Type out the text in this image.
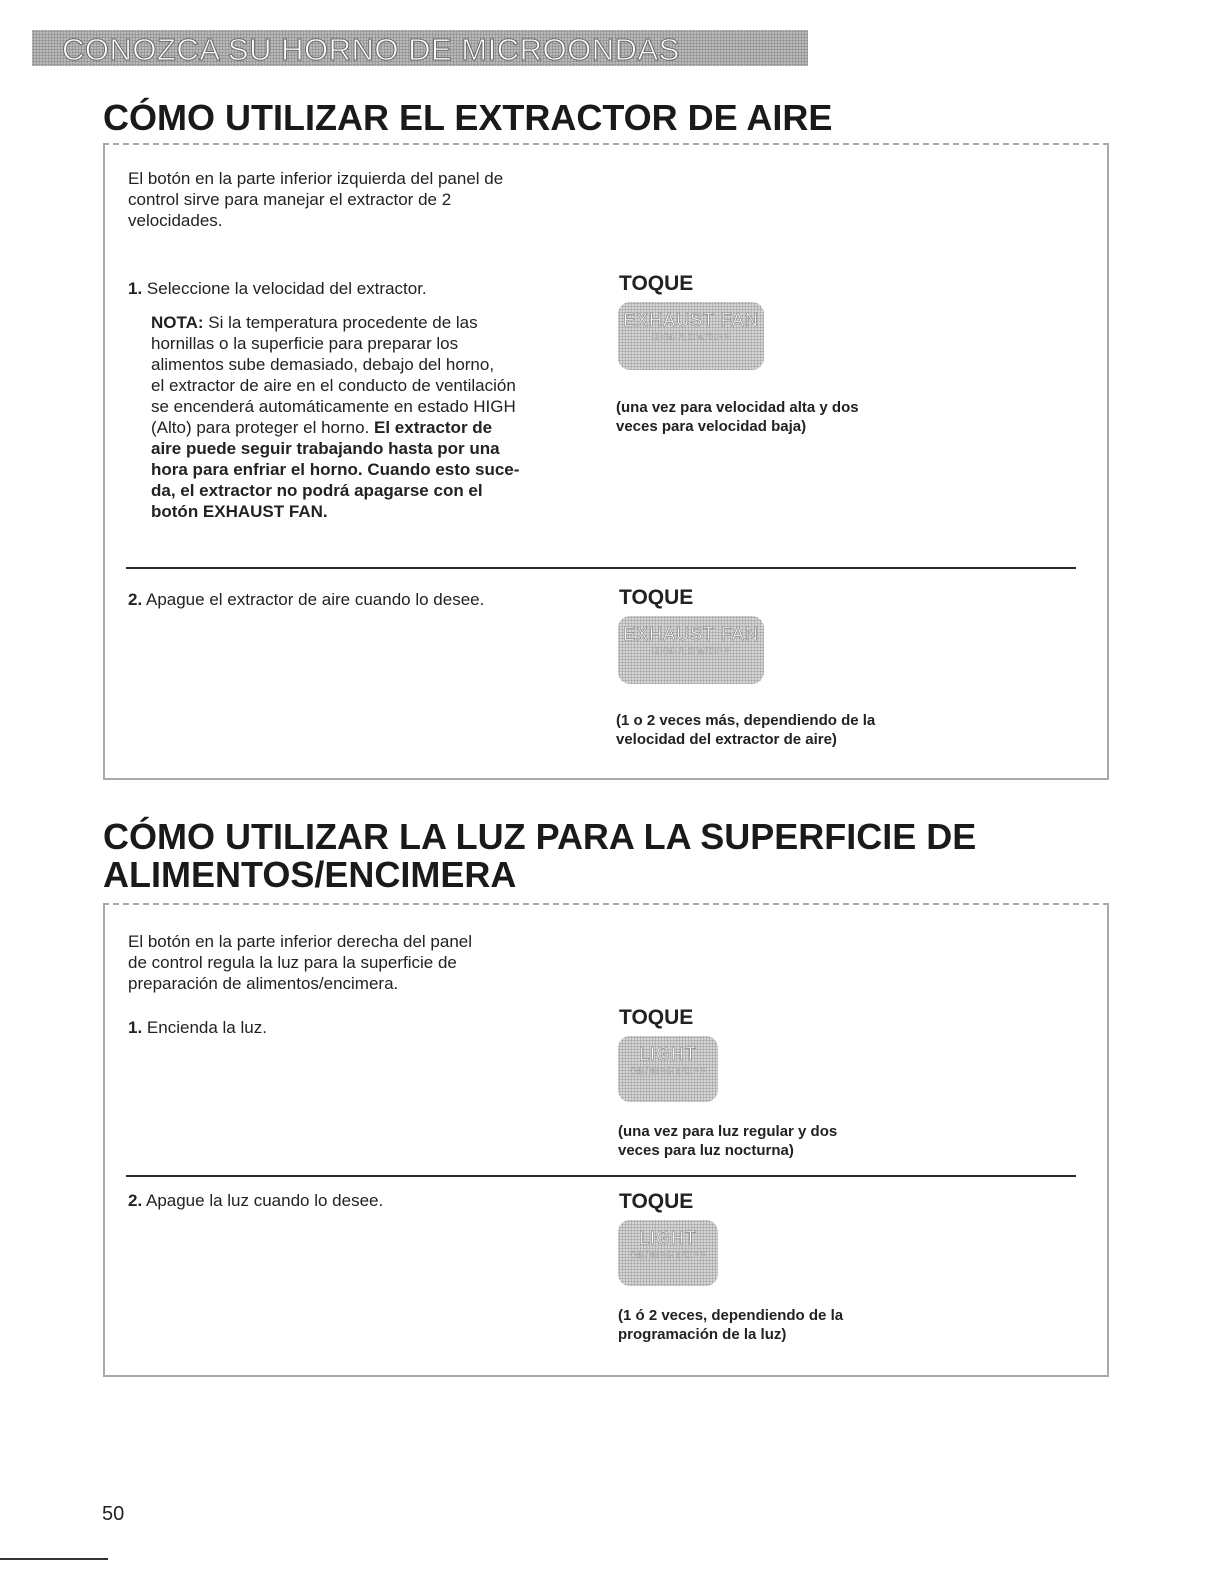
CONOZCA SU HORNO DE MICROONDAS
CÓMO UTILIZAR EL EXTRACTOR DE AIRE
El botón en la parte inferior izquierda del panel de
control sirve para manejar el extractor de 2
velocidades.
1. Seleccione la velocidad del extractor.
NOTA: Si la temperatura procedente de las
hornillas o la superficie para preparar los
alimentos sube demasiado, debajo del horno,
el extractor de aire en el conducto de ventilación
se encenderá automáticamente en estado HIGH
(Alto) para proteger el horno. El extractor de
aire puede seguir trabajando hasta por una
hora para enfriar el horno. Cuando esto suce-
da, el extractor no podrá apagarse con el
botón EXHAUST FAN.
TOQUE
EXHAUST FAN
HIGH/LOW/OFF
(una vez para velocidad alta y dos
veces para velocidad baja)
2. Apague el extractor de aire cuando lo desee.	TOQUE
EXHAUST FAN
HIGH/LOW/OFF
(1 o 2 veces más, dependiendo de la
velocidad del extractor de aire)
CÓMO UTILIZAR LA LUZ PARA LA SUPERFICIE DE
ALIMENTOS/ENCIMERA
El botón en la parte inferior derecha del panel
de control regula la luz para la superficie de
preparación de alimentos/encimera.
1. Encienda la luz.	TOQUE
LIGHT
ON/NIGHT/OFF
(una vez para luz regular y dos
veces para luz nocturna)
2. Apague la luz cuando lo desee.	TOQUE
LIGHT
ON/NIGHT/OFF
(1 ó 2 veces, dependiendo de la
programación de la luz)
50
